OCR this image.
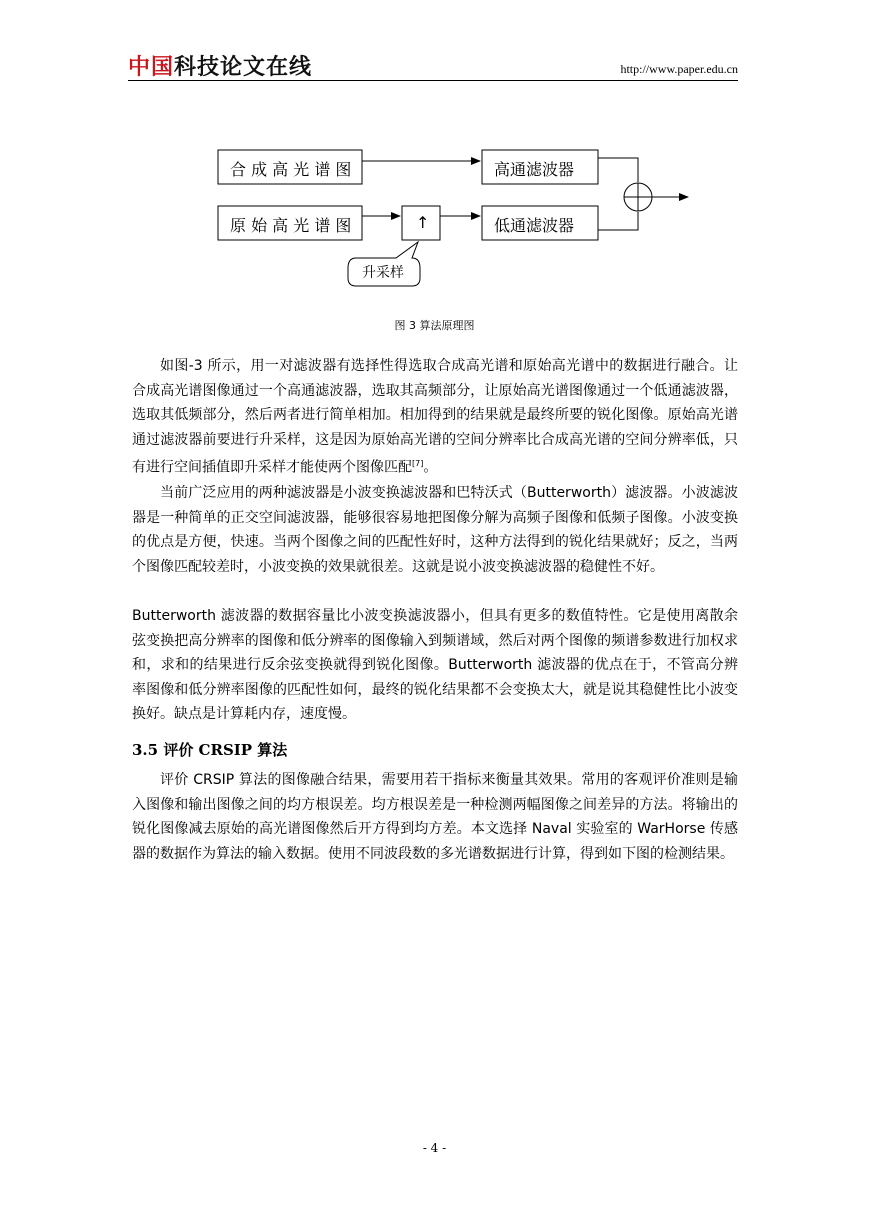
中国科技论文在线	http://www.paper.edu.cn
合 成 高 光 谱 图
原 始 高 光 谱 图	↑
高通滤波器
低通滤波器
升采样
图 3 算法原理图
如图-3 所示，用一对滤波器有选择性得选取合成高光谱和原始高光谱中的数据进行融合。让合成高光谱图像通过一个高通滤波器，选取其高频部分，让原始高光谱图像通过一个低通滤波器，选取其低频部分，然后两者进行简单相加。相加得到的结果就是最终所要的锐化图像。原始高光谱通过滤波器前要进行升采样，这是因为原始高光谱的空间分辨率比合成高光谱的空间分辨率低，只有进行空间插值即升采样才能使两个图像匹配[7]。
当前广泛应用的两种滤波器是小波变换滤波器和巴特沃式（Butterworth）滤波器。小波滤波器是一种简单的正交空间滤波器，能够很容易地把图像分解为高频子图像和低频子图像。小波变换的优点是方便，快速。当两个图像之间的匹配性好时，这种方法得到的锐化结果就好；反之，当两个图像匹配较差时，小波变换的效果就很差。这就是说小波变换滤波器的稳健性不好。
Butterworth 滤波器的数据容量比小波变换滤波器小，但具有更多的数值特性。它是使用离散余弦变换把高分辨率的图像和低分辨率的图像输入到频谱域，然后对两个图像的频谱参数进行加权求和，求和的结果进行反余弦变换就得到锐化图像。Butterworth 滤波器的优点在于，不管高分辨率图像和低分辨率图像的匹配性如何，最终的锐化结果都不会变换太大，就是说其稳健性比小波变换好。缺点是计算耗内存，速度慢。
3.5 评价 CRSIP 算法
评价 CRSIP 算法的图像融合结果，需要用若干指标来衡量其效果。常用的客观评价准则是输入图像和输出图像之间的均方根误差。均方根误差是一种检测两幅图像之间差异的方法。将输出的锐化图像减去原始的高光谱图像然后开方得到均方差。本文选择 Naval 实验室的 WarHorse 传感器的数据作为算法的输入数据。使用不同波段数的多光谱数据进行计算，得到如下图的检测结果。
- 4 -
